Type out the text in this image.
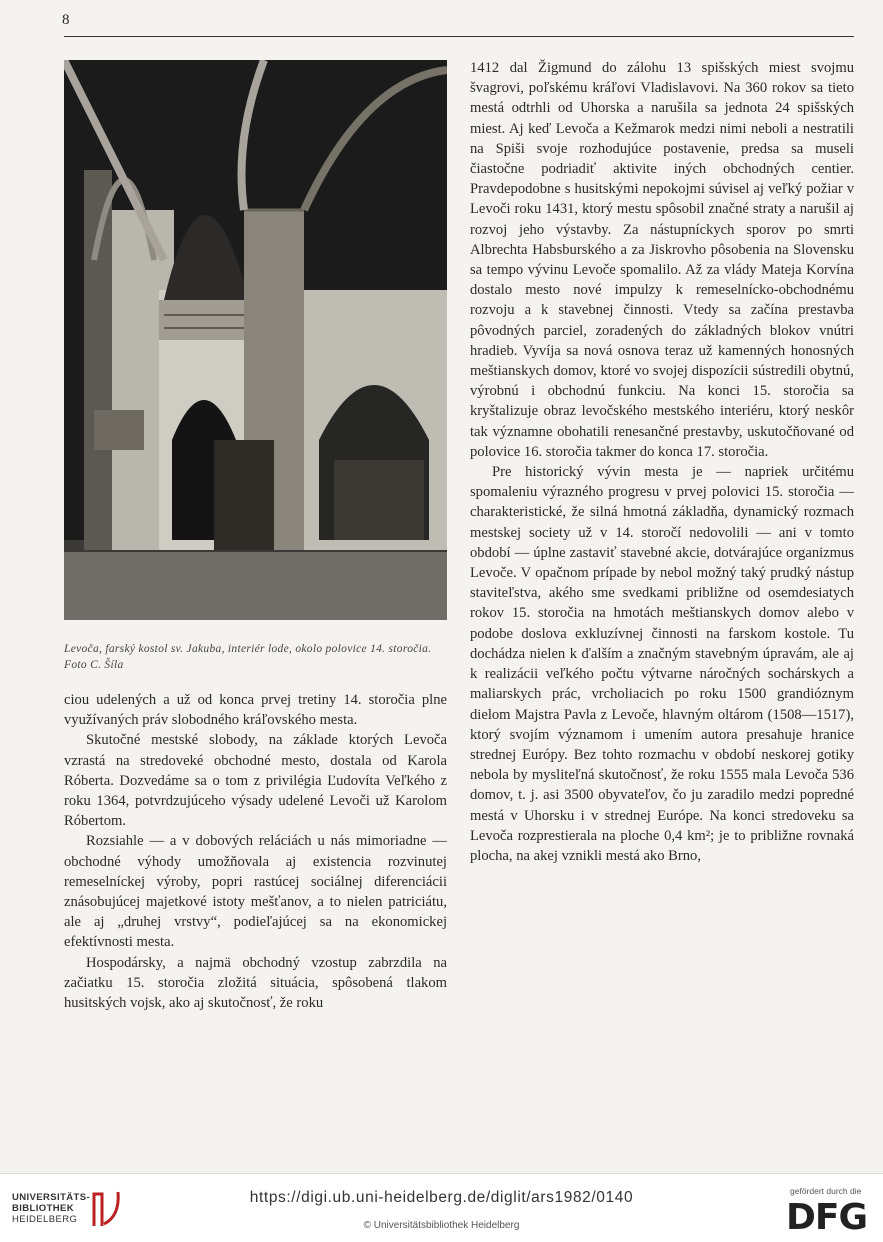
8
Levoča, farský kostol sv. Jakuba, interiér lode, okolo polovice 14. storočia.
Foto C. Šíla

ciou udelených a už od konca prvej tretiny 14. storočia plne využívaných práv slobodného kráľovského mesta.

Skutočné mestské slobody, na základe ktorých Levoča vzrastá na stredoveké obchodné mesto, dostala od Karola Róberta. Dozvedáme sa o tom z privilégia Ľudovíta Veľkého z roku 1364, potvrdzujúceho výsady udelené Levoči už Karolom Róbertom.

Rozsiahle — a v dobových reláciách u nás mimoriadne — obchodné výhody umožňovala aj existencia rozvinutej remeselníckej výroby, popri rastúcej sociálnej diferenciácii znásobujúcej majetkové istoty mešťanov, a to nielen patriciátu, ale aj „druhej vrstvy“, podieľajúcej sa na ekonomickej efektívnosti mesta.

Hospodársky, a najmä obchodný vzostup zabrzdila na začiatku 15. storočia zložitá situácia, spôsobená tlakom husitských vojsk, ako aj skutočnosť, že roku

1412 dal Žigmund do zálohu 13 spišských miest svojmu švagrovi, poľskému kráľovi Vladislavovi. Na 360 rokov sa tieto mestá odtrhli od Uhorska a narušila sa jednota 24 spišských miest. Aj keď Levoča a Kežmarok medzi nimi neboli a nestratili na Spiši svoje rozhodujúce postavenie, predsa sa museli čiastočne podriadiť aktivite iných obchodných centier. Pravdepodobne s husitskými nepokojmi súvisel aj veľký požiar v Levoči roku 1431, ktorý mestu spôsobil značné straty a narušil aj rozvoj jeho výstavby. Za nástupníckych sporov po smrti Albrechta Habsburského a za Jiskrovho pôsobenia na Slovensku sa tempo vývinu Levoče spomalilo. Až za vlády Mateja Korvína dostalo mesto nové impulzy k remeselnícko-obchodnému rozvoju a k stavebnej činnosti. Vtedy sa začína prestavba pôvodných parciel, zoradených do základných blokov vnútri hradieb. Vyvíja sa nová osnova teraz už kamenných honosných meštianskych domov, ktoré vo svojej dispozícii sústredili obytnú, výrobnú i obchodnú funkciu. Na konci 15. storočia sa kryštalizuje obraz levočského mestského interiéru, ktorý neskôr tak významne obohatili renesančné prestavby, uskutočňované od polovice 16. storočia takmer do konca 17. storočia.

Pre historický vývin mesta je — napriek určitému spomaleniu výrazného progresu v prvej polovici 15. storočia — charakteristické, že silná hmotná základňa, dynamický rozmach mestskej society už v 14. storočí nedovolili — ani v tomto období — úplne zastaviť stavebné akcie, dotvárajúce organizmus Levoče. V opačnom prípade by nebol možný taký prudký nástup staviteľstva, akého sme svedkami približne od osemdesiatych rokov 15. storočia na hmotách meštianskych domov alebo v podobe doslova exkluzívnej činnosti na farskom kostole. Tu dochádza nielen k ďalším a značným stavebným úpravám, ale aj k realizácii veľkého počtu výtvarne náročných sochárskych a maliarskych prác, vrcholiacich po roku 1500 grandióznym dielom Majstra Pavla z Levoče, hlavným oltárom (1508—1517), ktorý svojím významom i umením autora presahuje hranice strednej Európy. Bez tohto rozmachu v období neskorej gotiky nebola by mysliteľná skutočnosť, že roku 1555 mala Levoča 536 domov, t. j. asi 3500 obyvateľov, čo ju zaradilo medzi popredné mestá v Uhorsku i v strednej Európe. Na konci stredoveku sa Levoča rozprestierala na ploche 0,4 km²; je to približne rovnaká plocha, na akej vznikli mestá ako Brno,

UNIVERSITÄTS-
BIBLIOTHEK
HEIDELBERG
https://digi.ub.uni-heidelberg.de/diglit/ars1982/0140
© Universitätsbibliothek Heidelberg
gefördert durch die
DFG
